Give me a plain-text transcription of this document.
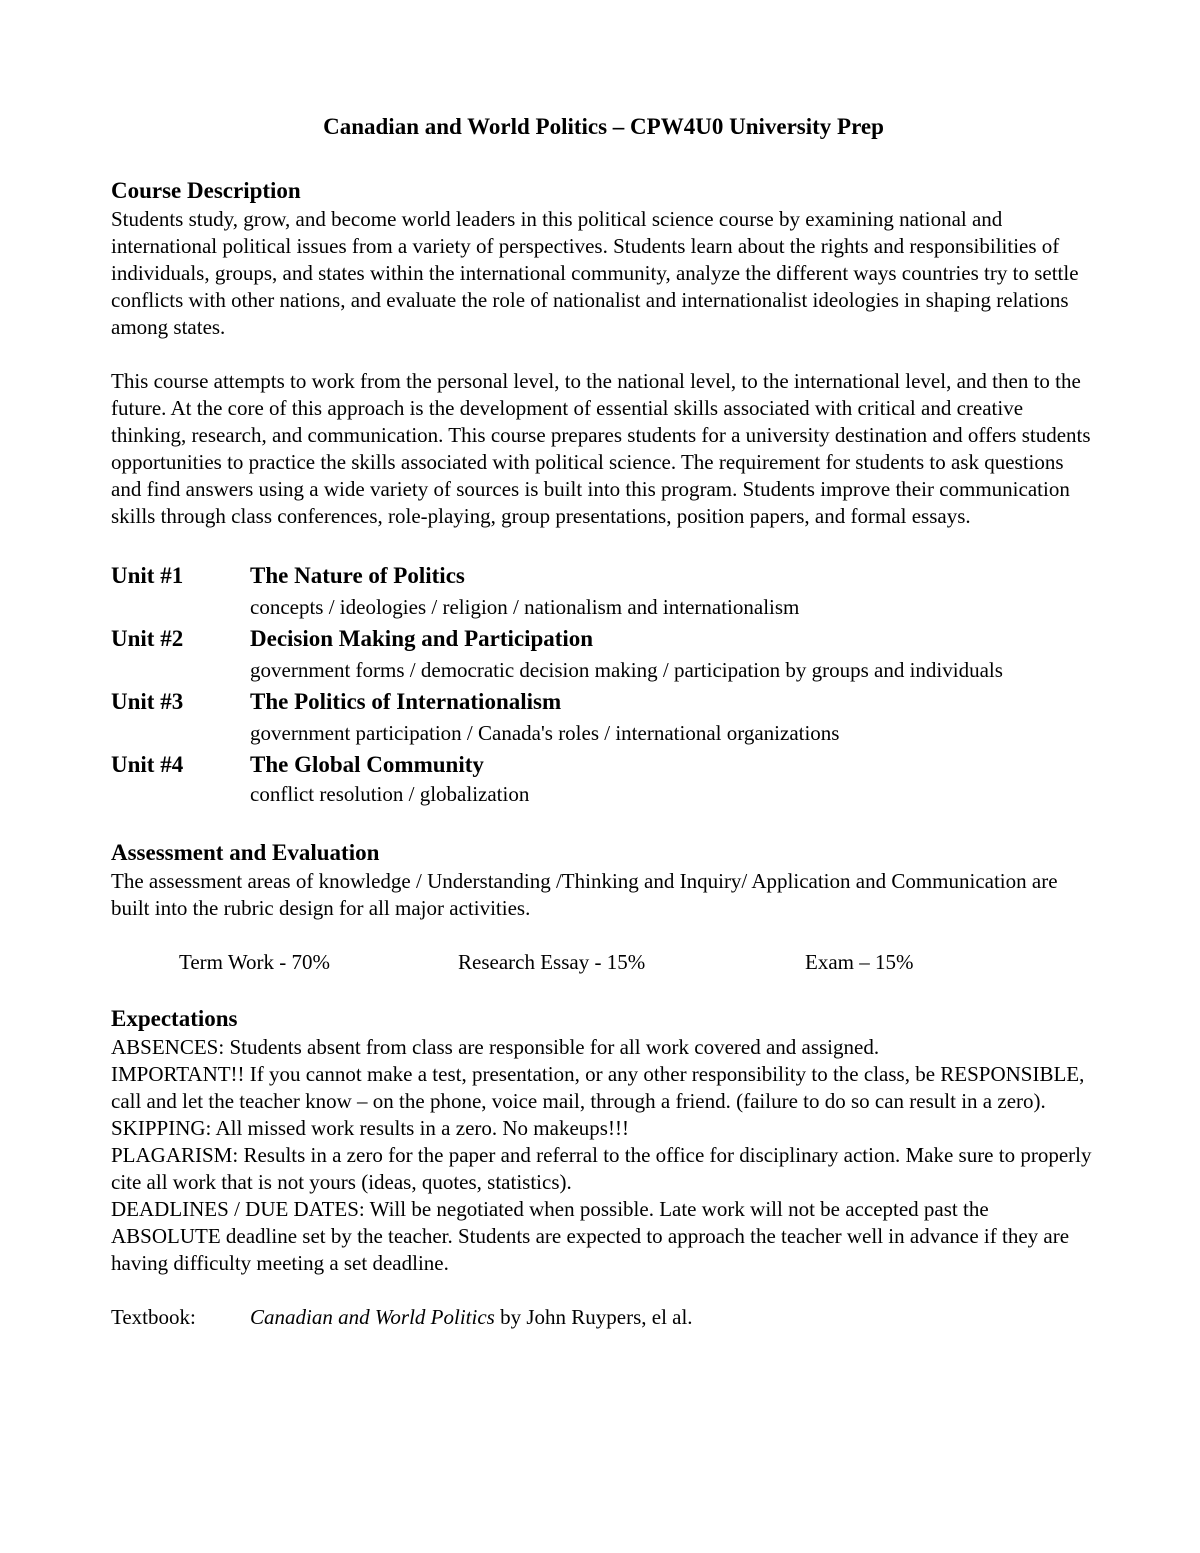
Canadian and World Politics – CPW4U0 University Prep
Course Description

Students study, grow, and become world leaders in this political science course by examining national and international political issues from a variety of perspectives. Students learn about the rights and responsibilities of individuals, groups, and states within the international community, analyze the different ways countries try to settle conflicts with other nations, and evaluate the role of nationalist and internationalist ideologies in shaping relations among states.

This course attempts to work from the personal level, to the national level, to the international level, and then to the future. At the core of this approach is the development of essential skills associated with critical and creative thinking, research, and communication. This course prepares students for a university destination and offers students opportunities to practice the skills associated with political science. The requirement for students to ask questions and find answers using a wide variety of sources is built into this program. Students improve their communication skills through class conferences, role-playing, group presentations, position papers, and formal essays.

Unit #1	The Nature of Politics
concepts / ideologies / religion / nationalism and internationalism
Unit #2	Decision Making and Participation
government forms / democratic decision making / participation by groups and individuals
Unit #3	The Politics of Internationalism
government participation / Canada's roles / international organizations
Unit #4	The Global Community
conflict resolution / globalization
Assessment and Evaluation

The assessment areas of knowledge / Understanding /Thinking and Inquiry/ Application and Communication are built into the rubric design for all major activities.

Term Work - 70%	Research Essay - 15%	Exam – 15%
Expectations

ABSENCES: Students absent from class are responsible for all work covered and assigned.

IMPORTANT!! If you cannot make a test, presentation, or any other responsibility to the class, be RESPONSIBLE, call and let the teacher know – on the phone, voice mail, through a friend. (failure to do so can result in a zero).

SKIPPING: All missed work results in a zero. No makeups!!!

PLAGARISM: Results in a zero for the paper and referral to the office for disciplinary action. Make sure to properly cite all work that is not yours (ideas, quotes, statistics).

DEADLINES / DUE DATES: Will be negotiated when possible. Late work will not be accepted past the ABSOLUTE deadline set by the teacher. Students are expected to approach the teacher well in advance if they are having difficulty meeting a set deadline.

Textbook:	Canadian and World Politics by John Ruypers, el al.
